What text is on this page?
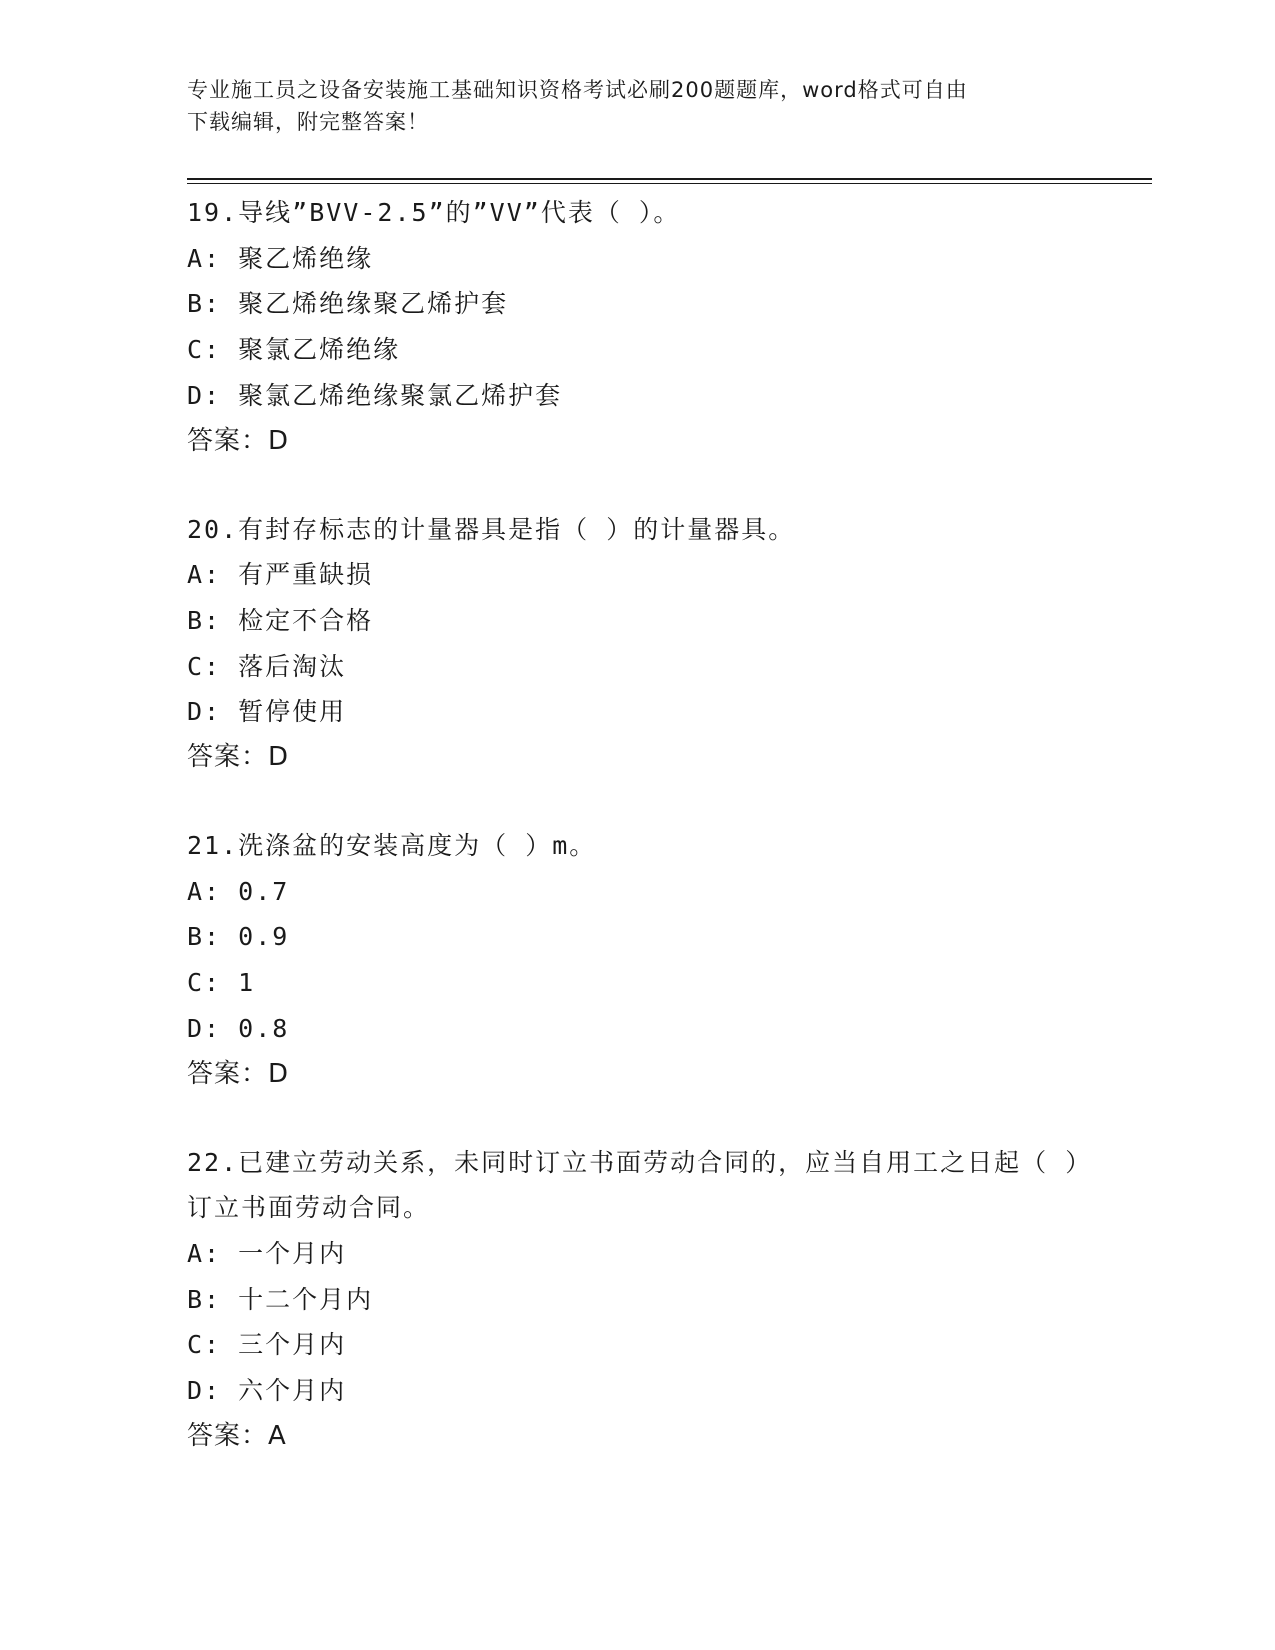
专业施工员之设备安装施工基础知识资格考试必刷200题题库，word格式可自由
下载编辑，附完整答案！

19.导线”BVV-2.5”的”VV”代表（ ）。

A: 聚乙烯绝缘

B: 聚乙烯绝缘聚乙烯护套

C: 聚氯乙烯绝缘

D: 聚氯乙烯绝缘聚氯乙烯护套

答案：D

20.有封存标志的计量器具是指（ ）的计量器具。

A: 有严重缺损

B: 检定不合格

C: 落后淘汰

D: 暂停使用

答案：D

21.洗涤盆的安装高度为（ ）m。

A: 0.7

B: 0.9

C: 1

D: 0.8

答案：D

22.已建立劳动关系，未同时订立书面劳动合同的，应当自用工之日起（ ）订立书面劳动合同。

A: 一个月内

B: 十二个月内

C: 三个月内

D: 六个月内

答案：A
